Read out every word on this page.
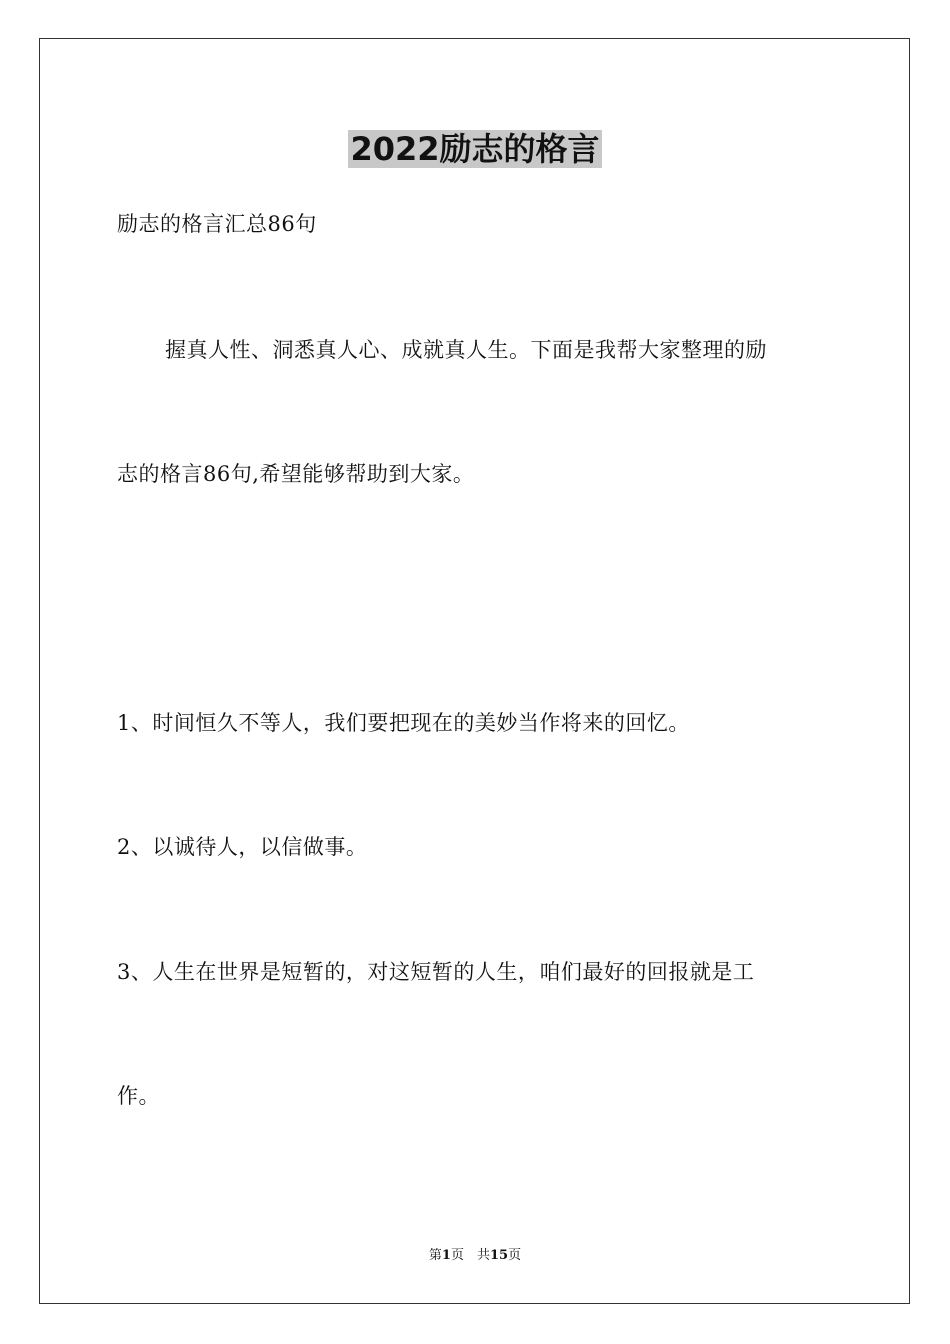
2022励志的格言
励志的格言汇总86句
握真人性、洞悉真人心、成就真人生。下面是我帮大家整理的励
志的格言86句,希望能够帮助到大家。
1、时间恒久不等人，我们要把现在的美妙当作将来的回忆。
2、以诚待人，以信做事。
3、人生在世界是短暂的，对这短暂的人生，咱们最好的回报就是工
作。
第1页　共15页
